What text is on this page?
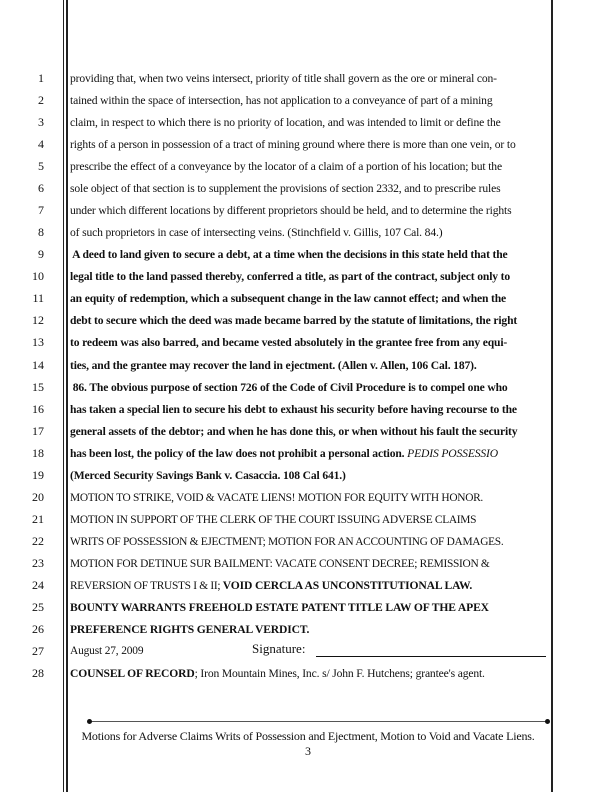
1 providing that, when two veins intersect, priority of title shall govern as the ore or mineral con-
2 tained within the space of intersection, has not application to a conveyance of part of a mining
3 claim, in respect to which there is no priority of location, and was intended to limit or define the
4 rights of a person in possession of a tract of mining ground where there is more than one vein, or to
5 prescribe the effect of a conveyance by the locator of a claim of a portion of his location; but the
6 sole object of that section is to supplement the provisions of section 2332, and to prescribe rules
7 under which different locations by different proprietors should be held, and to determine the rights
8 of such proprietors in case of intersecting veins. (Stinchfield v. Gillis, 107 Cal. 84.)
9 A deed to land given to secure a debt, at a time when the decisions in this state held that the
10 legal title to the land passed thereby, conferred a title, as part of the contract, subject only to
11 an equity of redemption, which a subsequent change in the law cannot effect; and when the
12 debt to secure which the deed was made became barred by the statute of limitations, the right
13 to redeem was also barred, and became vested absolutely in the grantee free from any equi-
14 ties, and the grantee may recover the land in ejectment. (Allen v. Allen, 106 Cal. 187).
15 86. The obvious purpose of section 726 of the Code of Civil Procedure is to compel one who
16 has taken a special lien to secure his debt to exhaust his security before having recourse to the
17 general assets of the debtor; and when he has done this, or when without his fault the security
18 has been lost, the policy of the law does not prohibit a personal action. PEDIS POSSESSIO
19 (Merced Security Savings Bank v. Casaccia. 108 Cal 641.)
20 MOTION TO STRIKE, VOID & VACATE LIENS! MOTION FOR EQUITY WITH HONOR.
21 MOTION IN SUPPORT OF THE CLERK OF THE COURT ISSUING ADVERSE CLAIMS
22 WRITS OF POSSESSION & EJECTMENT; MOTION FOR AN ACCOUNTING OF DAMAGES.
23 MOTION FOR DETINUE SUR BAILMENT: VACATE CONSENT DECREE; REMISSION &
24 REVERSION OF TRUSTS I & II; VOID CERCLA AS UNCONSTITUTIONAL LAW.
25 BOUNTY WARRANTS FREEHOLD ESTATE PATENT TITLE LAW OF THE APEX
26 PREFERENCE RIGHTS GENERAL VERDICT.
27 August 27, 2009	Signature:
28 COUNSEL OF RECORD; Iron Mountain Mines, Inc. s/ John F. Hutchens; grantee's agent.
Motions for Adverse Claims Writs of Possession and Ejectment, Motion to Void and Vacate Liens.
3
